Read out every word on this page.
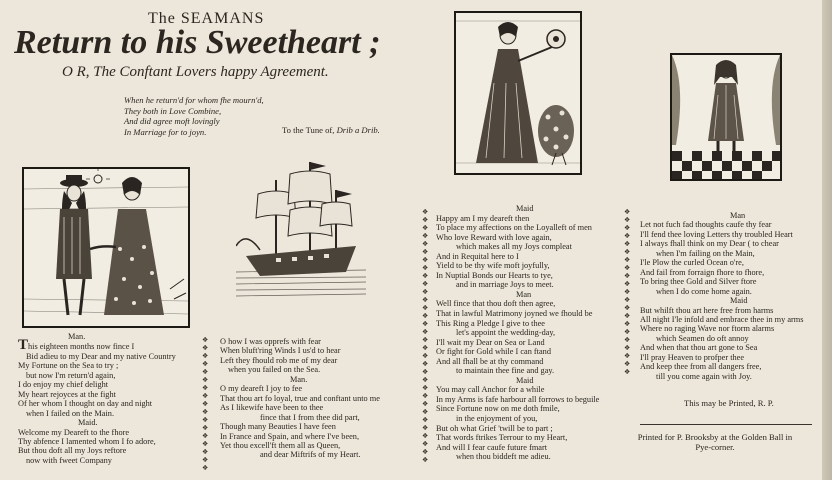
The SEAMANS
Return to his Sweetheart ;
O R, The Conftant Lovers happy Agreement.
When he return'd for whom fhe mourn'd,
They both in Love Combine,
And did agree moft lovingly
In Marriage for to joyn.	To the Tune of, Drib a Drib.
Man.
This eighteen months now fince I
Bid adieu to my Dear and my native Country
My Fortune on the Sea to try ;
but now I'm return'd again,
I do enjoy my chief delight
My heart rejoyces at the fight
Of her whom I thought on day and night
when I failed on the Main.
Maid.
Welcome my Deareft to the fhore
Thy abfence I lamented whom I fo adore,
But thou doft all my Joys reftore
now with fweet Company
❖
❖
❖
❖
❖
❖
❖
❖
❖
❖
❖
❖
❖
❖
❖
❖
❖
O how I was opprefs with fear
When bluft'ring Winds I us'd to hear
Left they fhould rob me of my dear
when you failed on the Sea.
Man.
O my deareft I joy to fee
That thou art fo loyal, true and conftant unto me
As I likewife have been to thee
fince that I from thee did part,
Though many Beauties I have feen
In France and Spain, and where I've been,
Yet thou excell'ft them all as Queen,
and dear Miftrifs of my Heart.
❖
❖
❖
❖
❖
❖
❖
❖
❖
❖
❖
❖
❖
❖
❖
❖
❖
❖
❖
❖
❖
❖
❖
❖
❖
❖
❖
❖
❖
❖
❖
❖
Maid
Happy am I my deareft then
To place my affections on the Loyalleft of men
Who love Reward with love again,
which makes all my Joys compleat
And in Requital here to I
Yield to be thy wife moft joyfully,
In Nuptial Bonds our Hearts to tye,
and in marriage Joys to meet.
Man
Well fince that thou doft then agree,
That in lawful Matrimony joyned we fhould be
This Ring a Pledge I give to thee
let's appoint the wedding-day,
I'll wait my Dear on Sea or Land
Or fight for Gold while I can ftand
And all fhall be at thy command
to maintain thee fine and gay.
Maid
You may call Anchor for a while
In my Arms is fafe harbour all forrows to beguile
Since Fortune now on me doth fmile,
in the enjoyment of you,
But oh what Grief 'twill be to part ;
That words ftrikes Terrour to my Heart,
And will I fear caufe future fmart
when thou biddeft me adieu.
❖
❖
❖
❖
❖
❖
❖
❖
❖
❖
❖
❖
❖
❖
❖
❖
❖
❖
❖
❖
❖
Man
Let not fuch fad thoughts caufe thy fear
I'll fend thee loving Letters thy troubled Heart
I always fhall think on my Dear ( to chear
when I'm failing on the Main,
I'le Plow the curled Ocean o're,
And fail from forraign fhore to fhore,
To bring thee Gold and Silver ftore
when I do come home again.
Maid
But whilft thou art here free from harms
All night I'le infold and embrace thee in my arms
Where no raging Wave nor ftorm alarms
which Seamen do oft annoy
And when that thou art gone to Sea
I'll pray Heaven to profper thee
And keep thee from all dangers free,
till you come again with Joy.
This may be Printed, R. P.
Printed for P. Brooksby at the Golden Ball in
Pye-corner.
